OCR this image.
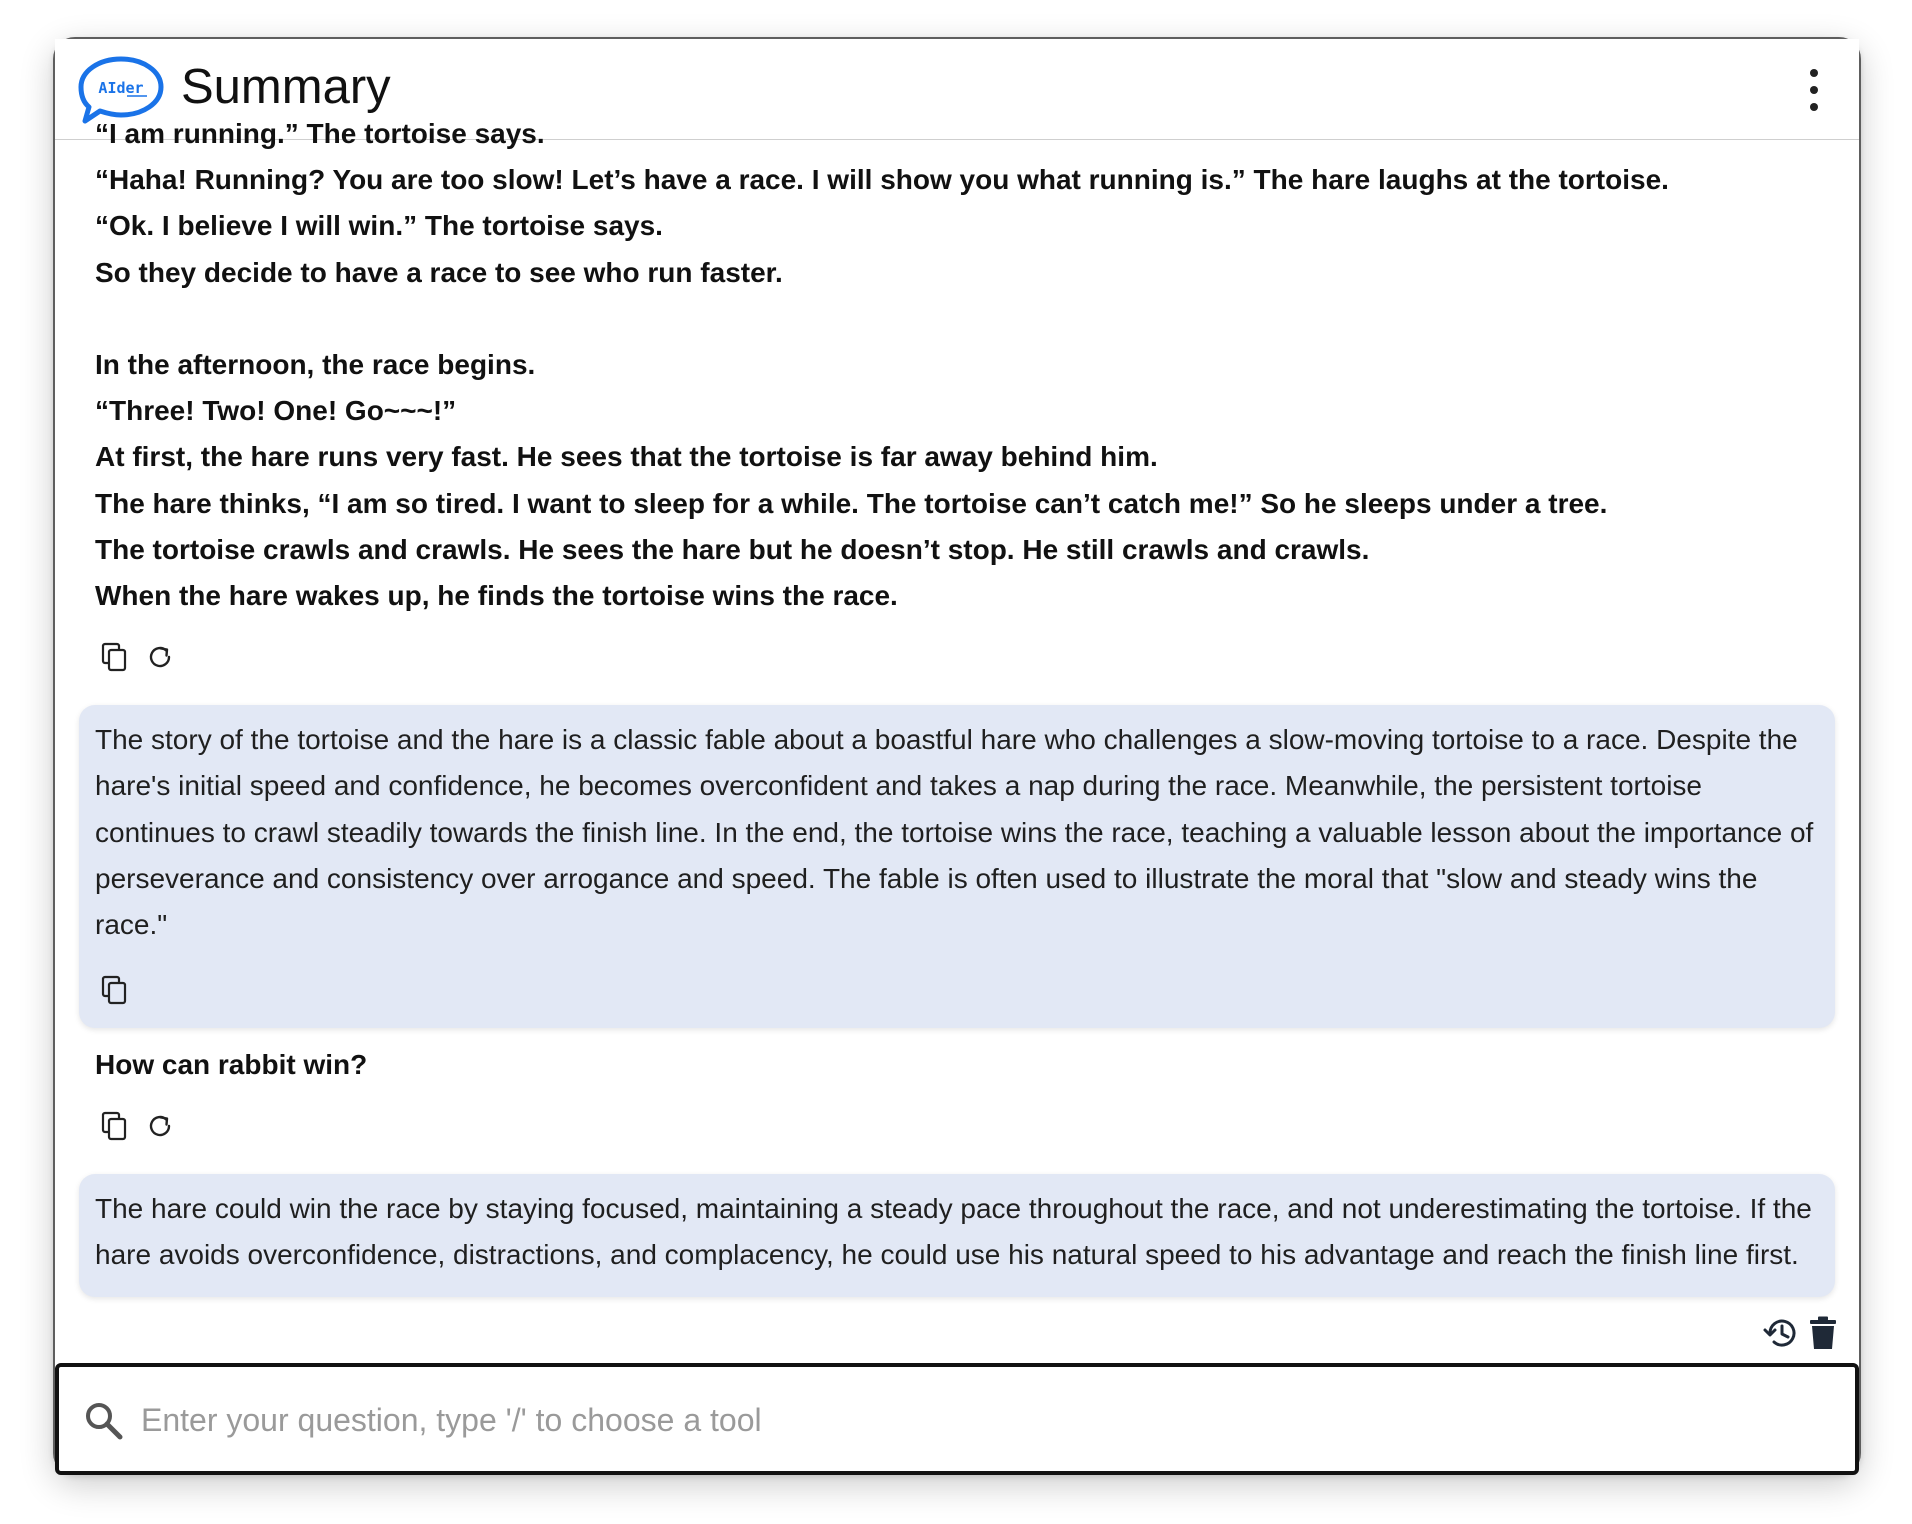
AIder Summary
“I am running.” The tortoise says.
“Haha! Running? You are too slow! Let’s have a race. I will show you what running is.” The hare laughs at the tortoise.
“Ok. I believe I will win.” The tortoise says.
So they decide to have a race to see who run faster.
In the afternoon, the race begins.
“Three! Two! One! Go~~~!”
At first, the hare runs very fast. He sees that the tortoise is far away behind him.
The hare thinks, “I am so tired. I want to sleep for a while. The tortoise can’t catch me!” So he sleeps under a tree.
The tortoise crawls and crawls. He sees the hare but he doesn’t stop. He still crawls and crawls.
When the hare wakes up, he finds the tortoise wins the race.
The story of the tortoise and the hare is a classic fable about a boastful hare who challenges a slow-moving tortoise to a race. Despite the hare's initial speed and confidence, he becomes overconfident and takes a nap during the race. Meanwhile, the persistent tortoise continues to crawl steadily towards the finish line. In the end, the tortoise wins the race, teaching a valuable lesson about the importance of perseverance and consistency over arrogance and speed. The fable is often used to illustrate the moral that "slow and steady wins the race."
How can rabbit win?
The hare could win the race by staying focused, maintaining a steady pace throughout the race, and not underestimating the tortoise. If the hare avoids overconfidence, distractions, and complacency, he could use his natural speed to his advantage and reach the finish line first.
Enter your question, type '/' to choose a tool
